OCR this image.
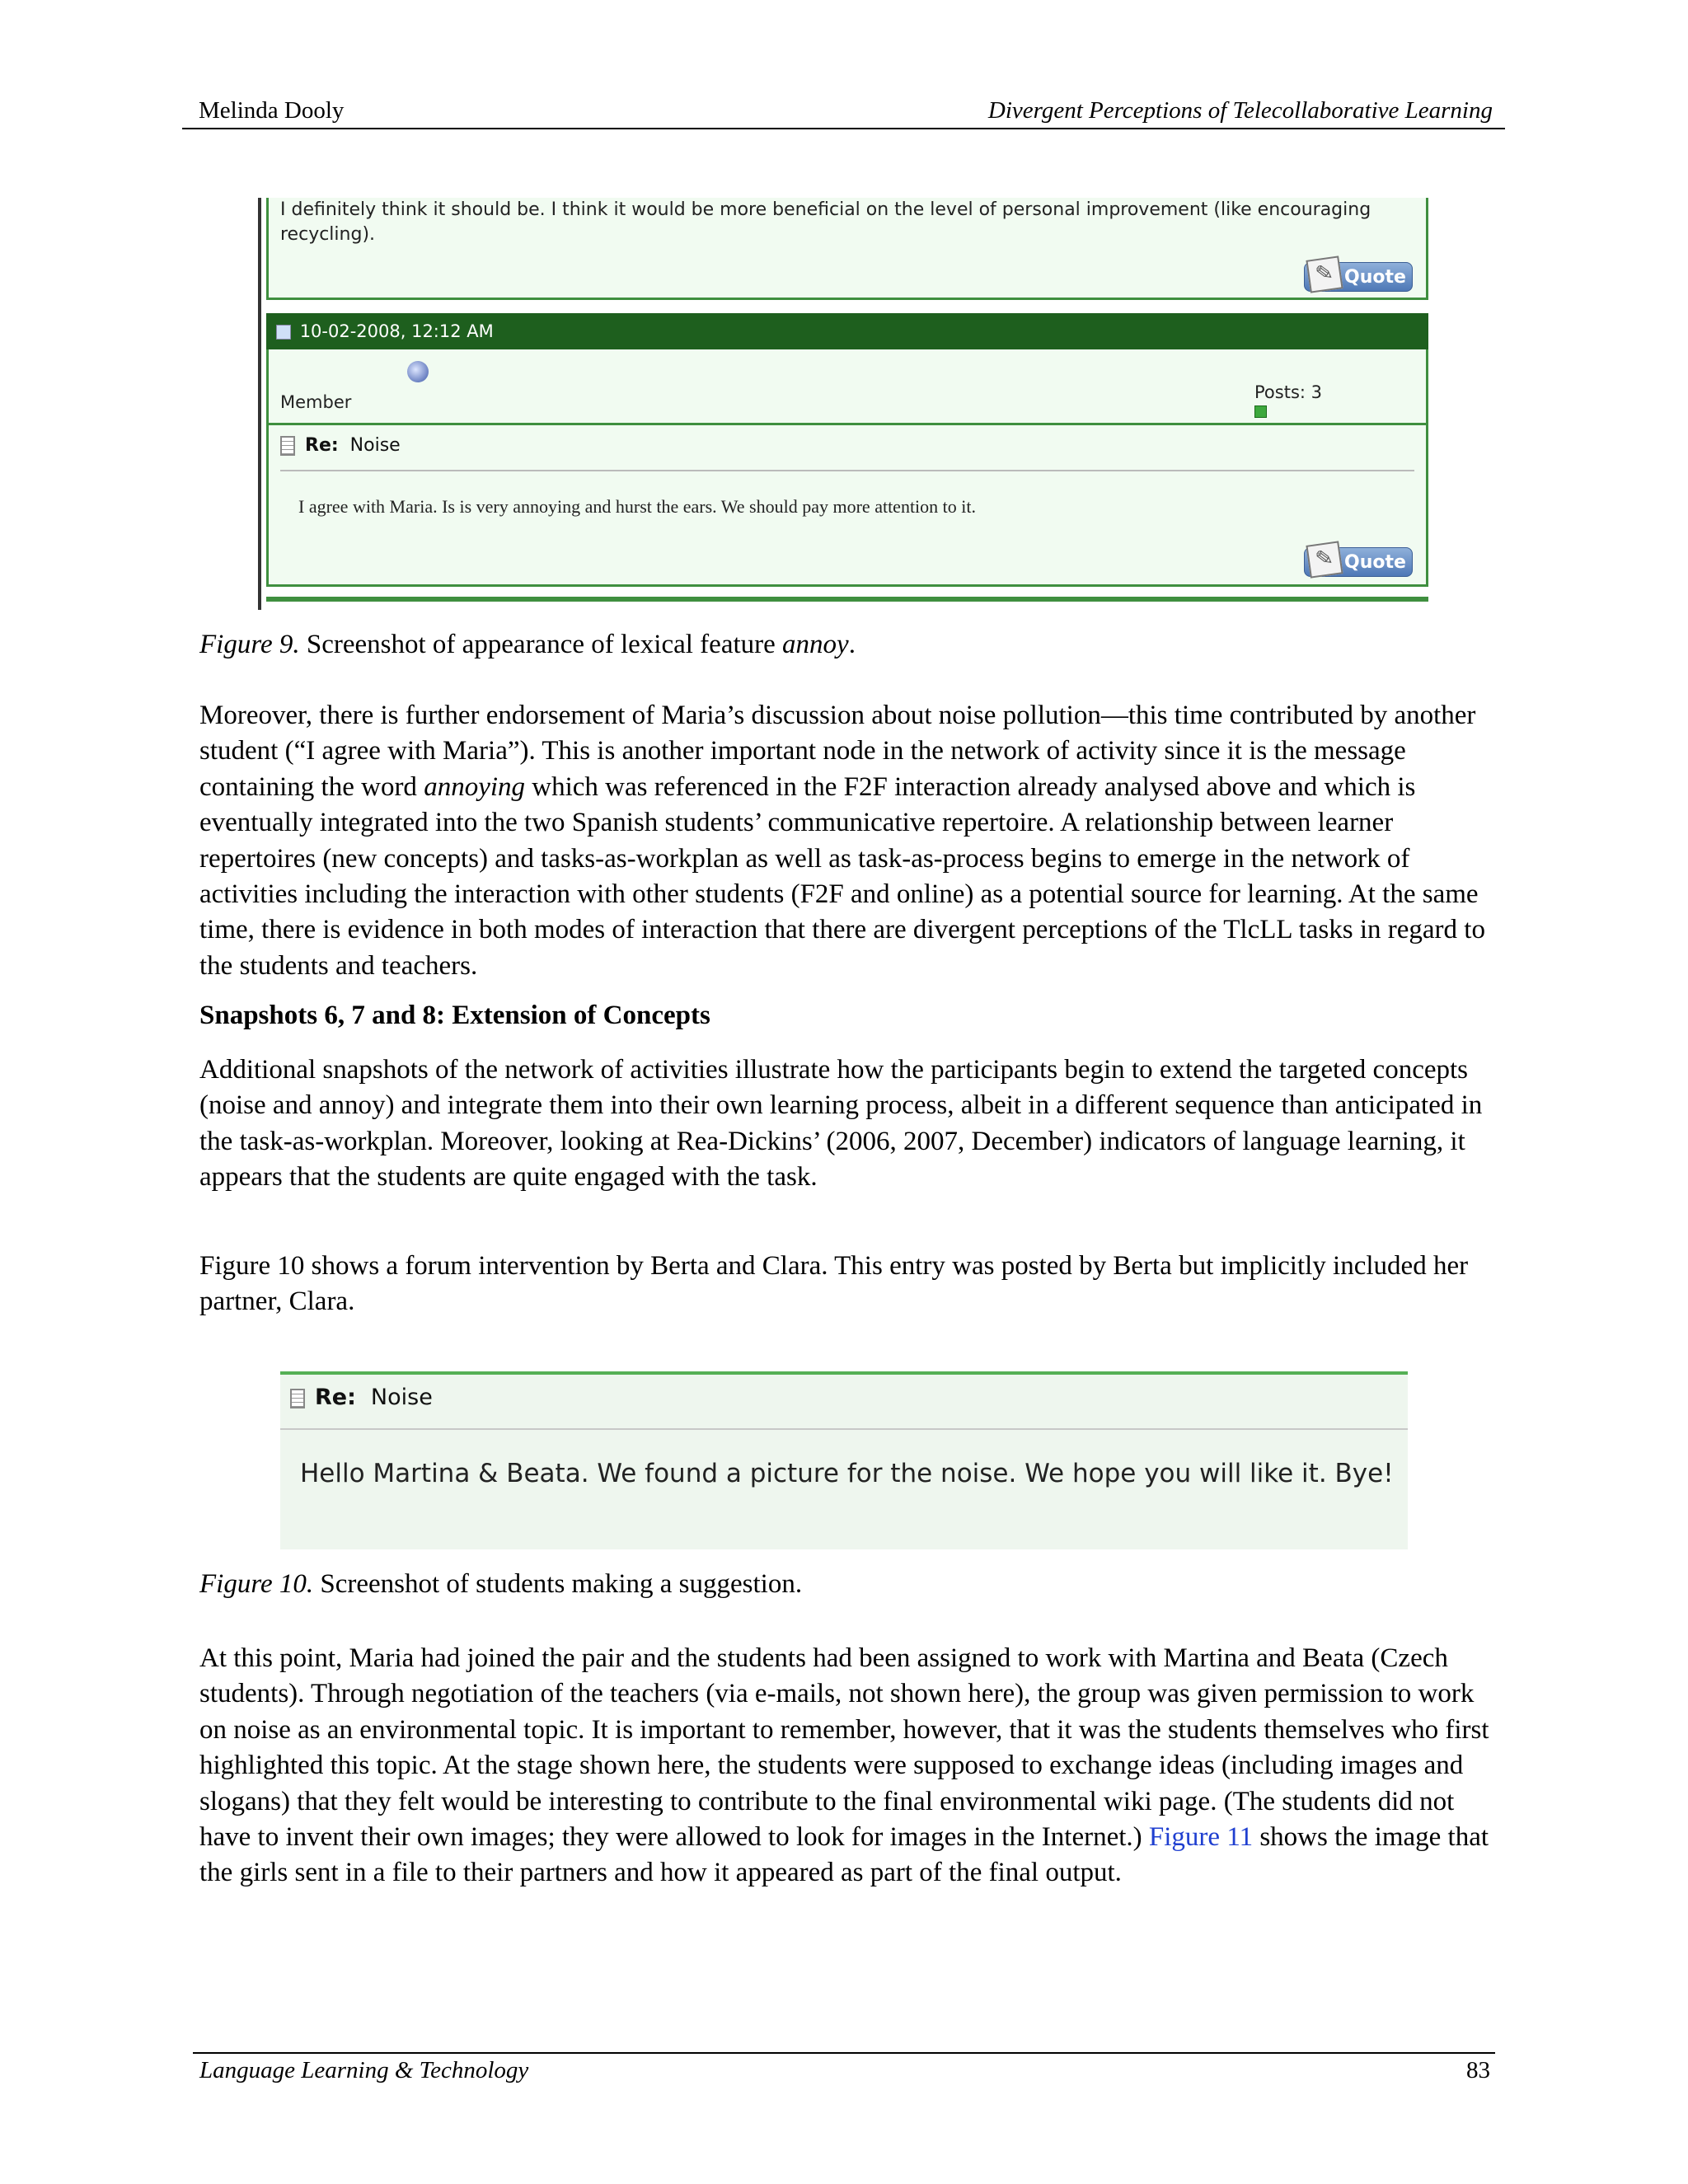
Melinda Dooly	Divergent Perceptions of Telecollaborative Learning
I definitely think it should be. I think it would be more beneficial on the level of personal improvement (like encouraging recycling).
✎ Quote
10-02-2008, 12:12 AM
Member	Posts: 3
Re: Noise
I agree with Maria. Is is very annoying and hurst the ears. We should pay more attention to it.
✎ Quote
Figure 9. Screenshot of appearance of lexical feature annoy.

Moreover, there is further endorsement of Maria’s discussion about noise pollution—this time contributed by another student (“I agree with Maria”). This is another important node in the network of activity since it is the message containing the word annoying which was referenced in the F2F interaction already analysed above and which is eventually integrated into the two Spanish students’ communicative repertoire. A relationship between learner repertoires (new concepts) and tasks-as-workplan as well as task-as-process begins to emerge in the network of activities including the interaction with other students (F2F and online) as a potential source for learning. At the same time, there is evidence in both modes of interaction that there are divergent perceptions of the TlcLL tasks in regard to the students and teachers.

Snapshots 6, 7 and 8: Extension of Concepts

Additional snapshots of the network of activities illustrate how the participants begin to extend the targeted concepts (noise and annoy) and integrate them into their own learning process, albeit in a different sequence than anticipated in the task-as-workplan. Moreover, looking at Rea-Dickins’ (2006, 2007, December) indicators of language learning, it appears that the students are quite engaged with the task.

Figure 10 shows a forum intervention by Berta and Clara. This entry was posted by Berta but implicitly included her partner, Clara.

Re: Noise
Hello Martina & Beata. We found a picture for the noise. We hope you will like it. Bye!
Figure 10. Screenshot of students making a suggestion.

At this point, Maria had joined the pair and the students had been assigned to work with Martina and Beata (Czech students). Through negotiation of the teachers (via e-mails, not shown here), the group was given permission to work on noise as an environmental topic. It is important to remember, however, that it was the students themselves who first highlighted this topic. At the stage shown here, the students were supposed to exchange ideas (including images and slogans) that they felt would be interesting to contribute to the final environmental wiki page. (The students did not have to invent their own images; they were allowed to look for images in the Internet.) Figure 11 shows the image that the girls sent in a file to their partners and how it appeared as part of the final output.

Language Learning & Technology	83
